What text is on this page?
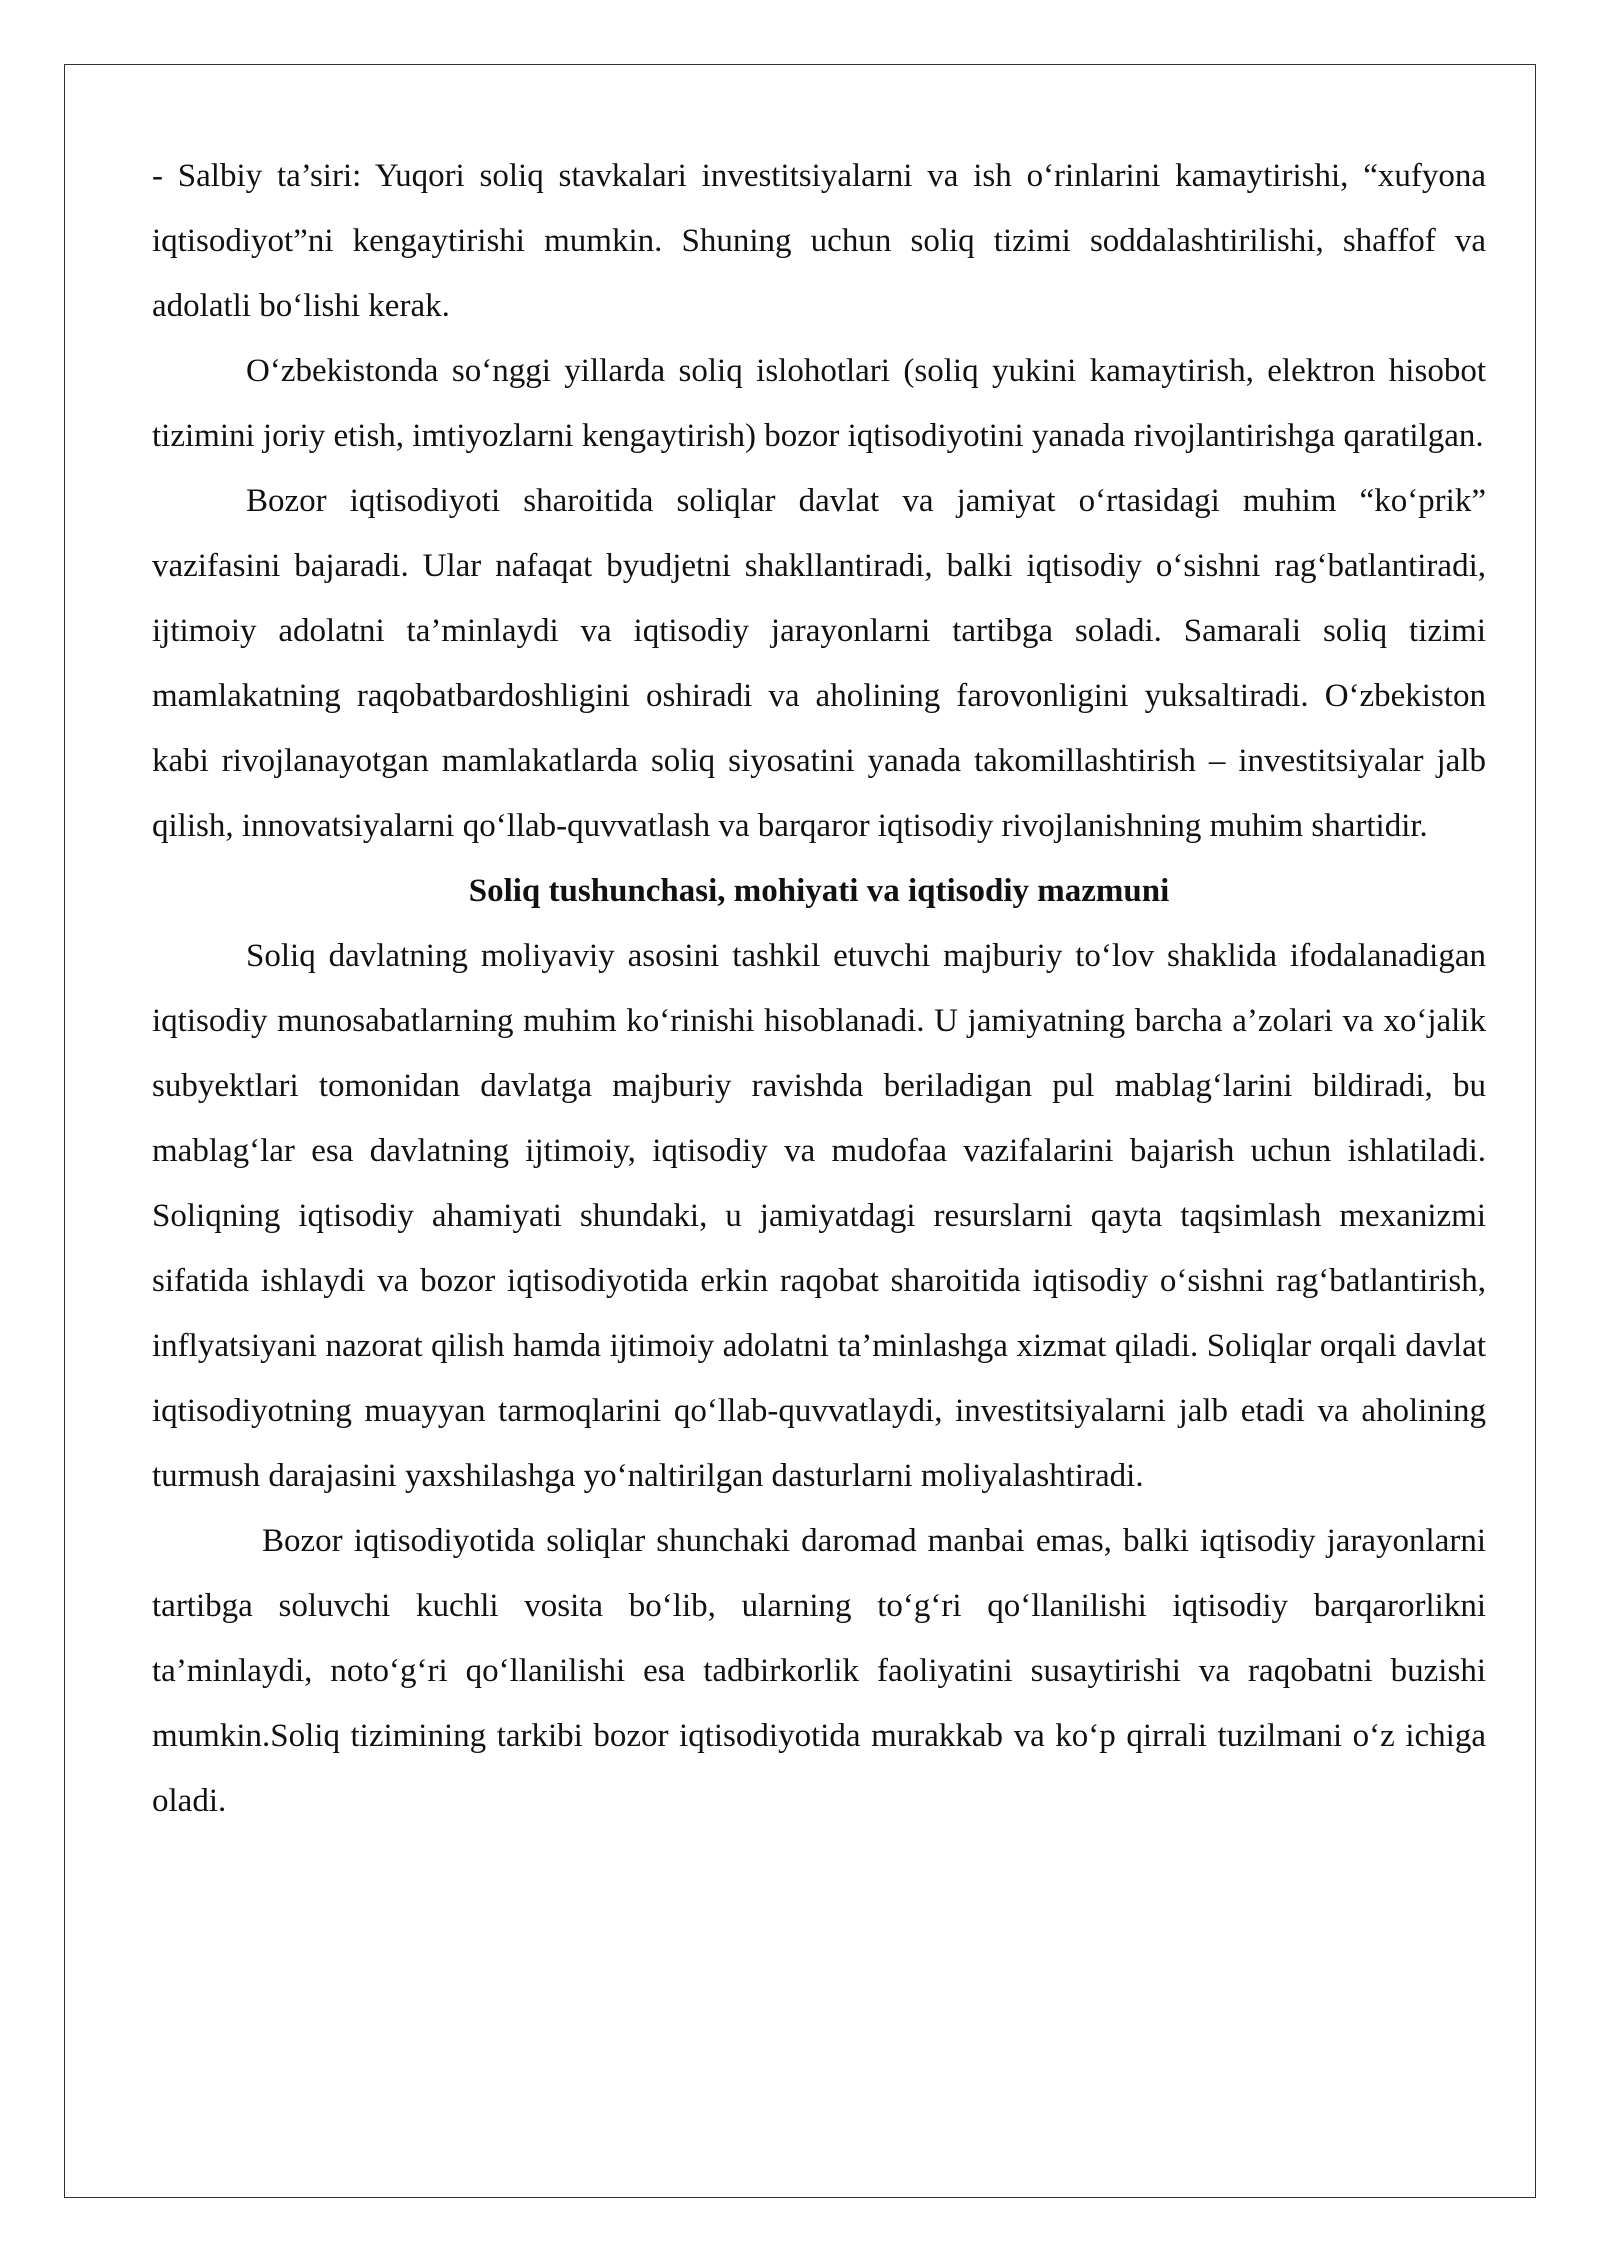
- Salbiy ta’siri: Yuqori soliq stavkalari investitsiyalarni va ish o‘rinlarini kamaytirishi, “xufyona iqtisodiyot”ni kengaytirishi mumkin. Shuning uchun soliq tizimi soddalashtirilishi, shaffof va adolatli bo‘lishi kerak.

O‘zbekistonda so‘nggi yillarda soliq islohotlari (soliq yukini kamaytirish, elektron hisobot tizimini joriy etish, imtiyozlarni kengaytirish) bozor iqtisodiyotini yanada rivojlantirishga qaratilgan.

Bozor iqtisodiyoti sharoitida soliqlar davlat va jamiyat o‘rtasidagi muhim “ko‘prik” vazifasini bajaradi. Ular nafaqat byudjetni shakllantiradi, balki iqtisodiy o‘sishni rag‘batlantiradi, ijtimoiy adolatni ta’minlaydi va iqtisodiy jarayonlarni tartibga soladi. Samarali soliq tizimi mamlakatning raqobatbardoshligini oshiradi va aholining farovonligini yuksaltiradi. O‘zbekiston kabi rivojlanayotgan mamlakatlarda soliq siyosatini yanada takomillashtirish – investitsiyalar jalb qilish, innovatsiyalarni qo‘llab-quvvatlash va barqaror iqtisodiy rivojlanishning muhim shartidir.

Soliq tushunchasi, mohiyati va iqtisodiy mazmuni

Soliq davlatning moliyaviy asosini tashkil etuvchi majburiy to‘lov shaklida ifodalanadigan iqtisodiy munosabatlarning muhim ko‘rinishi hisoblanadi. U jamiyatning barcha a’zolari va xo‘jalik subyektlari tomonidan davlatga majburiy ravishda beriladigan pul mablag‘larini bildiradi, bu mablag‘lar esa davlatning ijtimoiy, iqtisodiy va mudofaa vazifalarini bajarish uchun ishlatiladi. Soliqning iqtisodiy ahamiyati shundaki, u jamiyatdagi resurslarni qayta taqsimlash mexanizmi sifatida ishlaydi va bozor iqtisodiyotida erkin raqobat sharoitida iqtisodiy o‘sishni rag‘batlantirish, inflyatsiyani nazorat qilish hamda ijtimoiy adolatni ta’minlashga xizmat qiladi. Soliqlar orqali davlat iqtisodiyotning muayyan tarmoqlarini qo‘llab-quvvatlaydi, investitsiyalarni jalb etadi va aholining turmush darajasini yaxshilashga yo‘naltirilgan dasturlarni moliyalashtiradi.

Bozor iqtisodiyotida soliqlar shunchaki daromad manbai emas, balki iqtisodiy jarayonlarni tartibga soluvchi kuchli vosita bo‘lib, ularning to‘g‘ri qo‘llanilishi iqtisodiy barqarorlikni ta’minlaydi, noto‘g‘ri qo‘llanilishi esa tadbirkorlik faoliyatini susaytirishi va raqobatni buzishi mumkin.Soliq tizimining tarkibi bozor iqtisodiyotida murakkab va ko‘p qirrali tuzilmani o‘z ichiga oladi.
